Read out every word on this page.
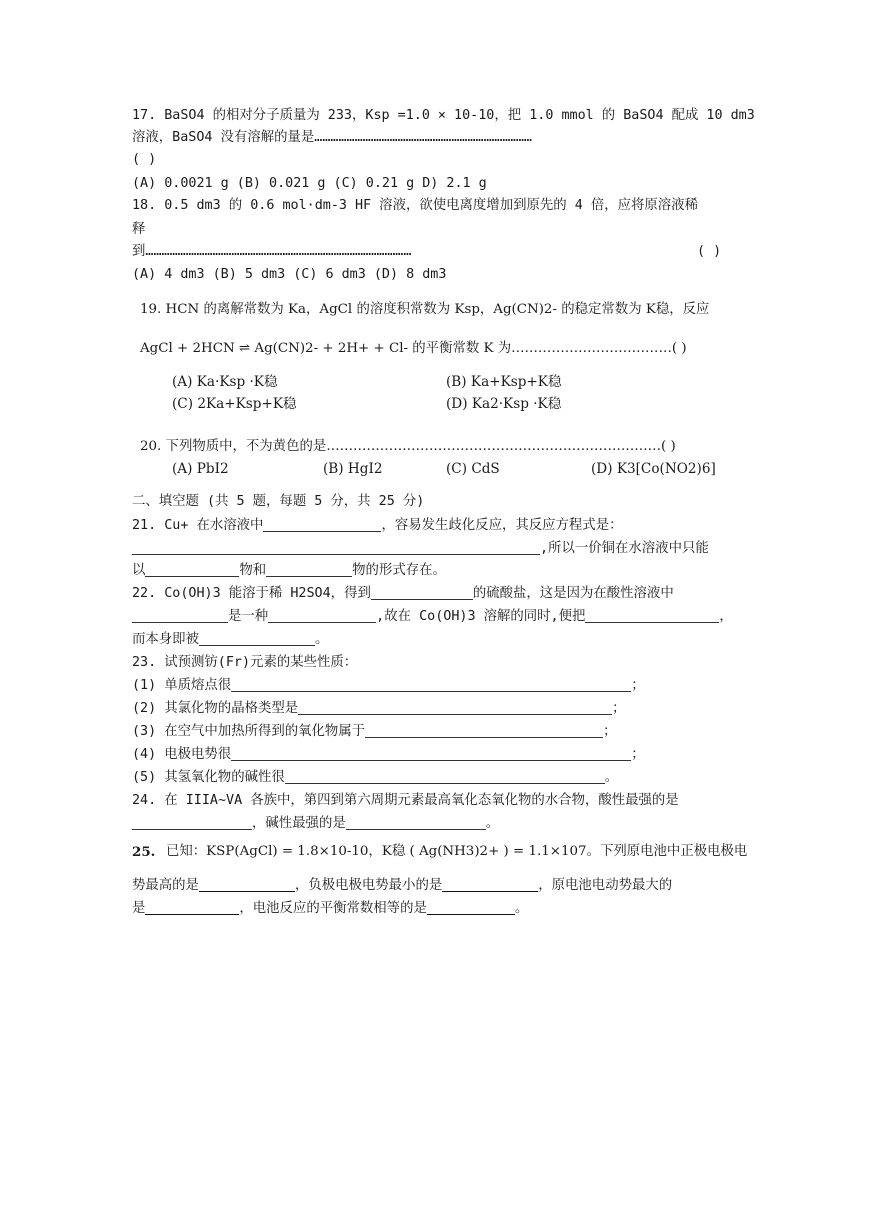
17. BaSO4 的相对分子质量为 233，Ksp =1.0 × 10-10，把 1.0 mmol 的 BaSO4 配成 10 dm3
溶液，BaSO4 没有溶解的量是………………………………………………………………………
( )
(A) 0.0021 g (B) 0.021 g (C) 0.21 g D) 2.1 g
18. 0.5 dm3 的 0.6 mol·dm-3 HF 溶液，欲使电离度增加到原先的 4 倍，应将原溶液稀
释
到………………………………………………………………………………………	( )
(A) 4 dm3 (B) 5 dm3 (C) 6 dm3 (D) 8 dm3
19. HCN 的离解常数为 Ka，AgCl 的溶度积常数为 Ksp，Ag(CN)2- 的稳定常数为 K稳，反应
AgCl + 2HCN ⇌ Ag(CN)2- + 2H+ + Cl- 的平衡常数 K 为………………………………( )
(A) Ka·Ksp ·K稳	(B) Ka+Ksp+K稳
(C) 2Ka+Ksp+K稳	(D) Ka2·Ksp ·K稳
20. 下列物质中，不为黄色的是…………………………………………………………………( )
(A) PbI2	(B) HgI2	(C) CdS	(D) K3[Co(NO2)6]
二、填空题 (共 5 题，每题 5 分，共 25 分)
21. Cu+ 在水溶液中	，容易发生歧化反应，其反应方程式是：
,所以一价铜在水溶液中只能
以	物和	物的形式存在。
22. Co(OH)3 能溶于稀 H2SO4，得到	的硫酸盐，这是因为在酸性溶液中
是一种	,故在 Co(OH)3 溶解的同时,便把	，
而本身即被	。
23. 试预测钫(Fr)元素的某些性质：
(1) 单质熔点很	；
(2) 其氯化物的晶格类型是	；
(3) 在空气中加热所得到的氧化物属于	；
(4) 电极电势很	；
(5) 其氢氧化物的碱性很	。
24. 在 IIIA~VA 各族中，第四到第六周期元素最高氧化态氧化物的水合物，酸性最强的是
，碱性最强的是	。
25. 已知：KSP(AgCl) = 1.8×10-10，K稳 ( Ag(NH3)2+ ) = 1.1×107。下列原电池中正极电极电
势最高的是	，负极电极电势最小的是	，原电池电动势最大的
是	，电池反应的平衡常数相等的是	。
